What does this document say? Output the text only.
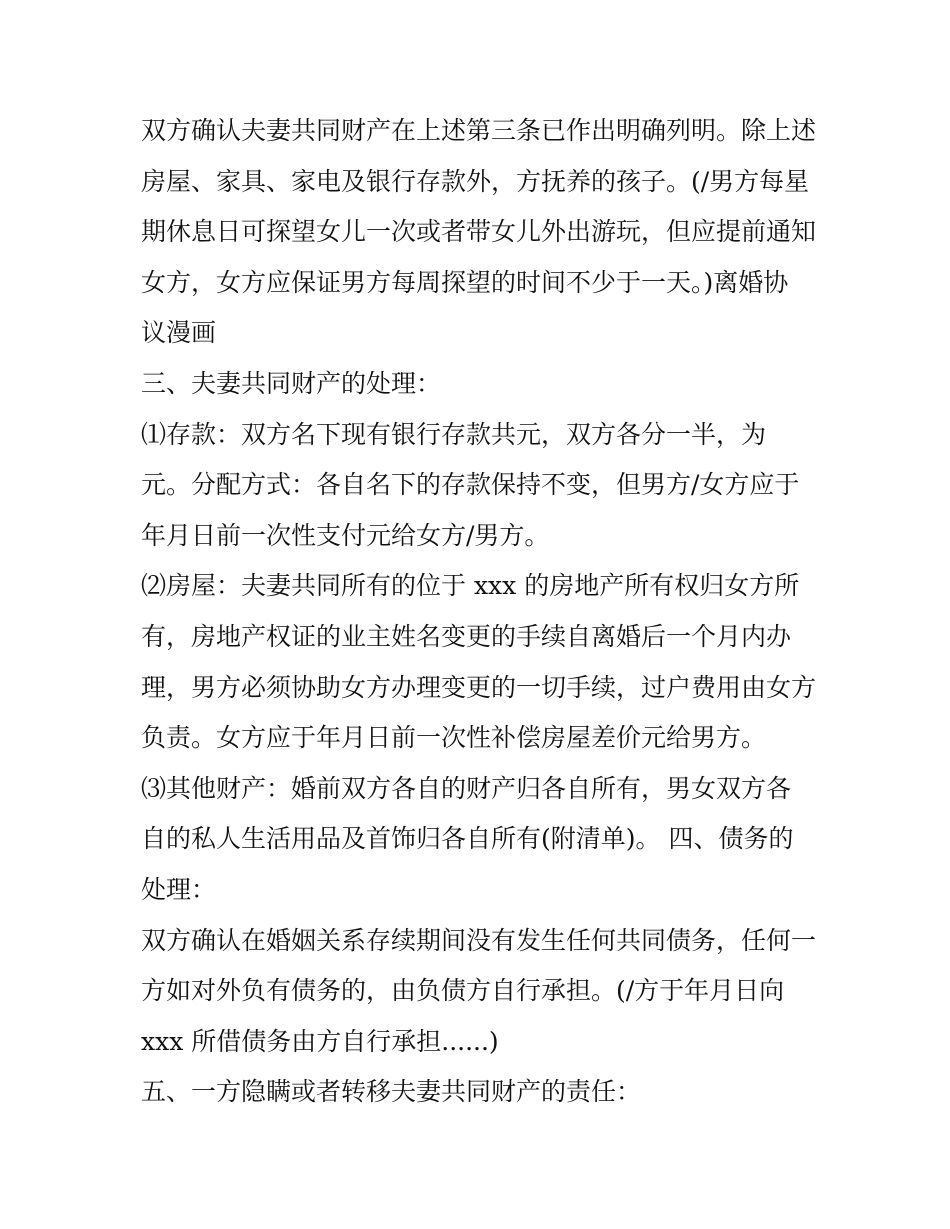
双方确认夫妻共同财产在上述第三条已作出明确列明。除上述
房屋、家具、家电及银行存款外，方抚养的孩子。(/男方每星
期休息日可探望女儿一次或者带女儿外出游玩，但应提前通知
女方，女方应保证男方每周探望的时间不少于一天。)离婚协
议漫画
三、夫妻共同财产的处理：
⑴存款：双方名下现有银行存款共元，双方各分一半，为
元。分配方式：各自名下的存款保持不变，但男方/女方应于
年月日前一次性支付元给女方/男方。
⑵房屋：夫妻共同所有的位于 xxx 的房地产所有权归女方所
有，房地产权证的业主姓名变更的手续自离婚后一个月内办
理，男方必须协助女方办理变更的一切手续，过户费用由女方
负责。女方应于年月日前一次性补偿房屋差价元给男方。
⑶其他财产：婚前双方各自的财产归各自所有，男女双方各
自的私人生活用品及首饰归各自所有(附清单)。 四、债务的
处理：
双方确认在婚姻关系存续期间没有发生任何共同债务，任何一
方如对外负有债务的，由负债方自行承担。(/方于年月日向
xxx 所借债务由方自行承担......)
五、一方隐瞒或者转移夫妻共同财产的责任：
